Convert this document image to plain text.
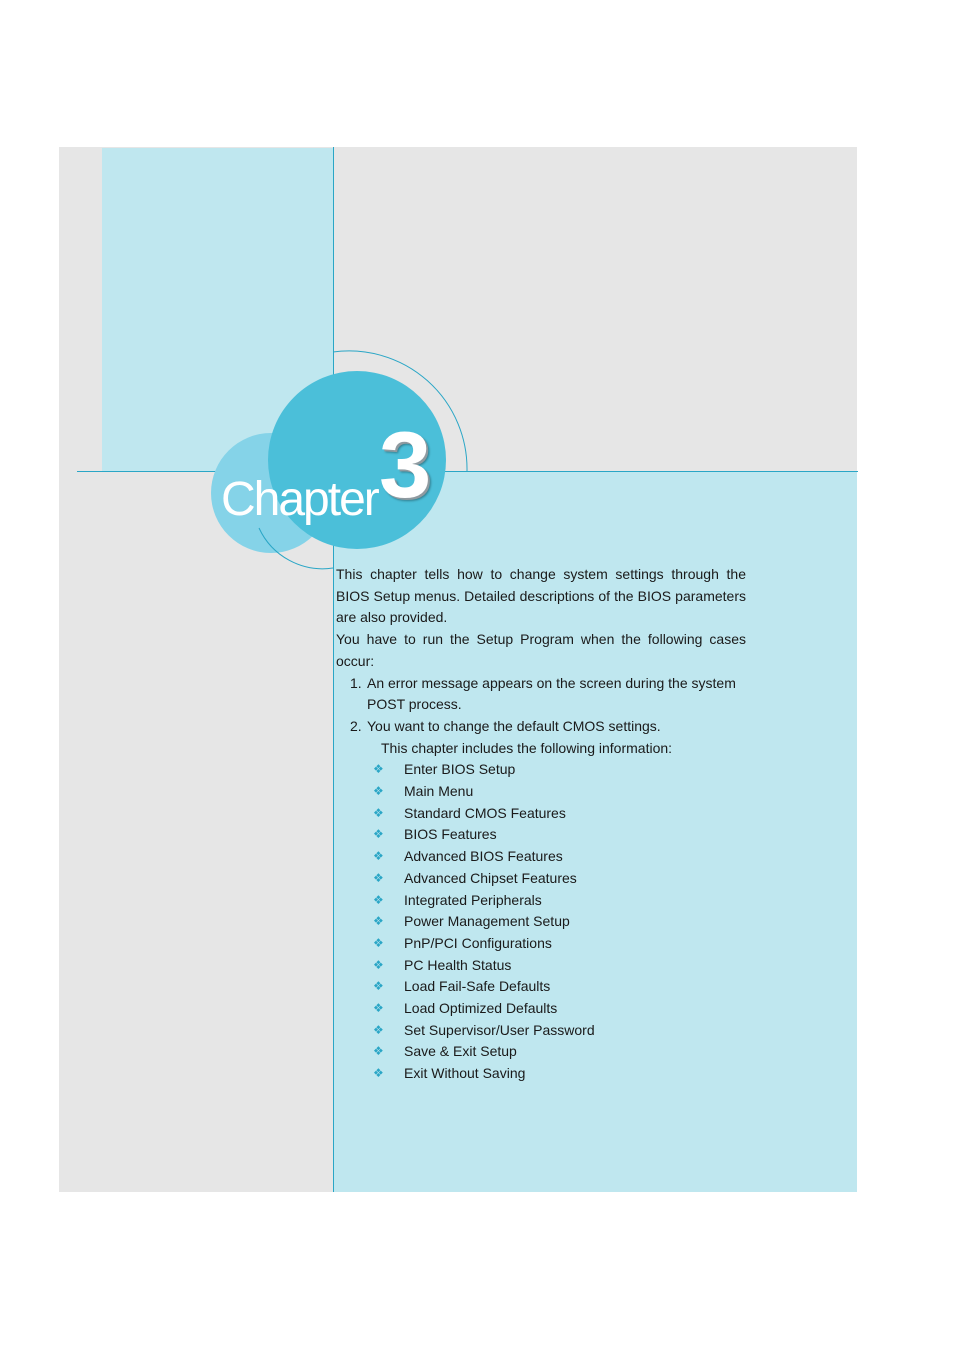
Chapter 3

This chapter tells how to change system settings through the BIOS Setup menus. Detailed descriptions of the BIOS parameters are also provided.

You have to run the Setup Program when the following cases occur:

1. An error message appears on the screen during the system POST process.
2. You want to change the default CMOS settings.

This chapter includes the following information:

❖ Enter BIOS Setup
❖ Main Menu
❖ Standard CMOS Features
❖ BIOS Features
❖ Advanced BIOS Features
❖ Advanced Chipset Features
❖ Integrated Peripherals
❖ Power Management Setup
❖ PnP/PCI Configurations
❖ PC Health Status
❖ Load Fail-Safe Defaults
❖ Load Optimized Defaults
❖ Set Supervisor/User Password
❖ Save & Exit Setup
❖ Exit Without Saving
